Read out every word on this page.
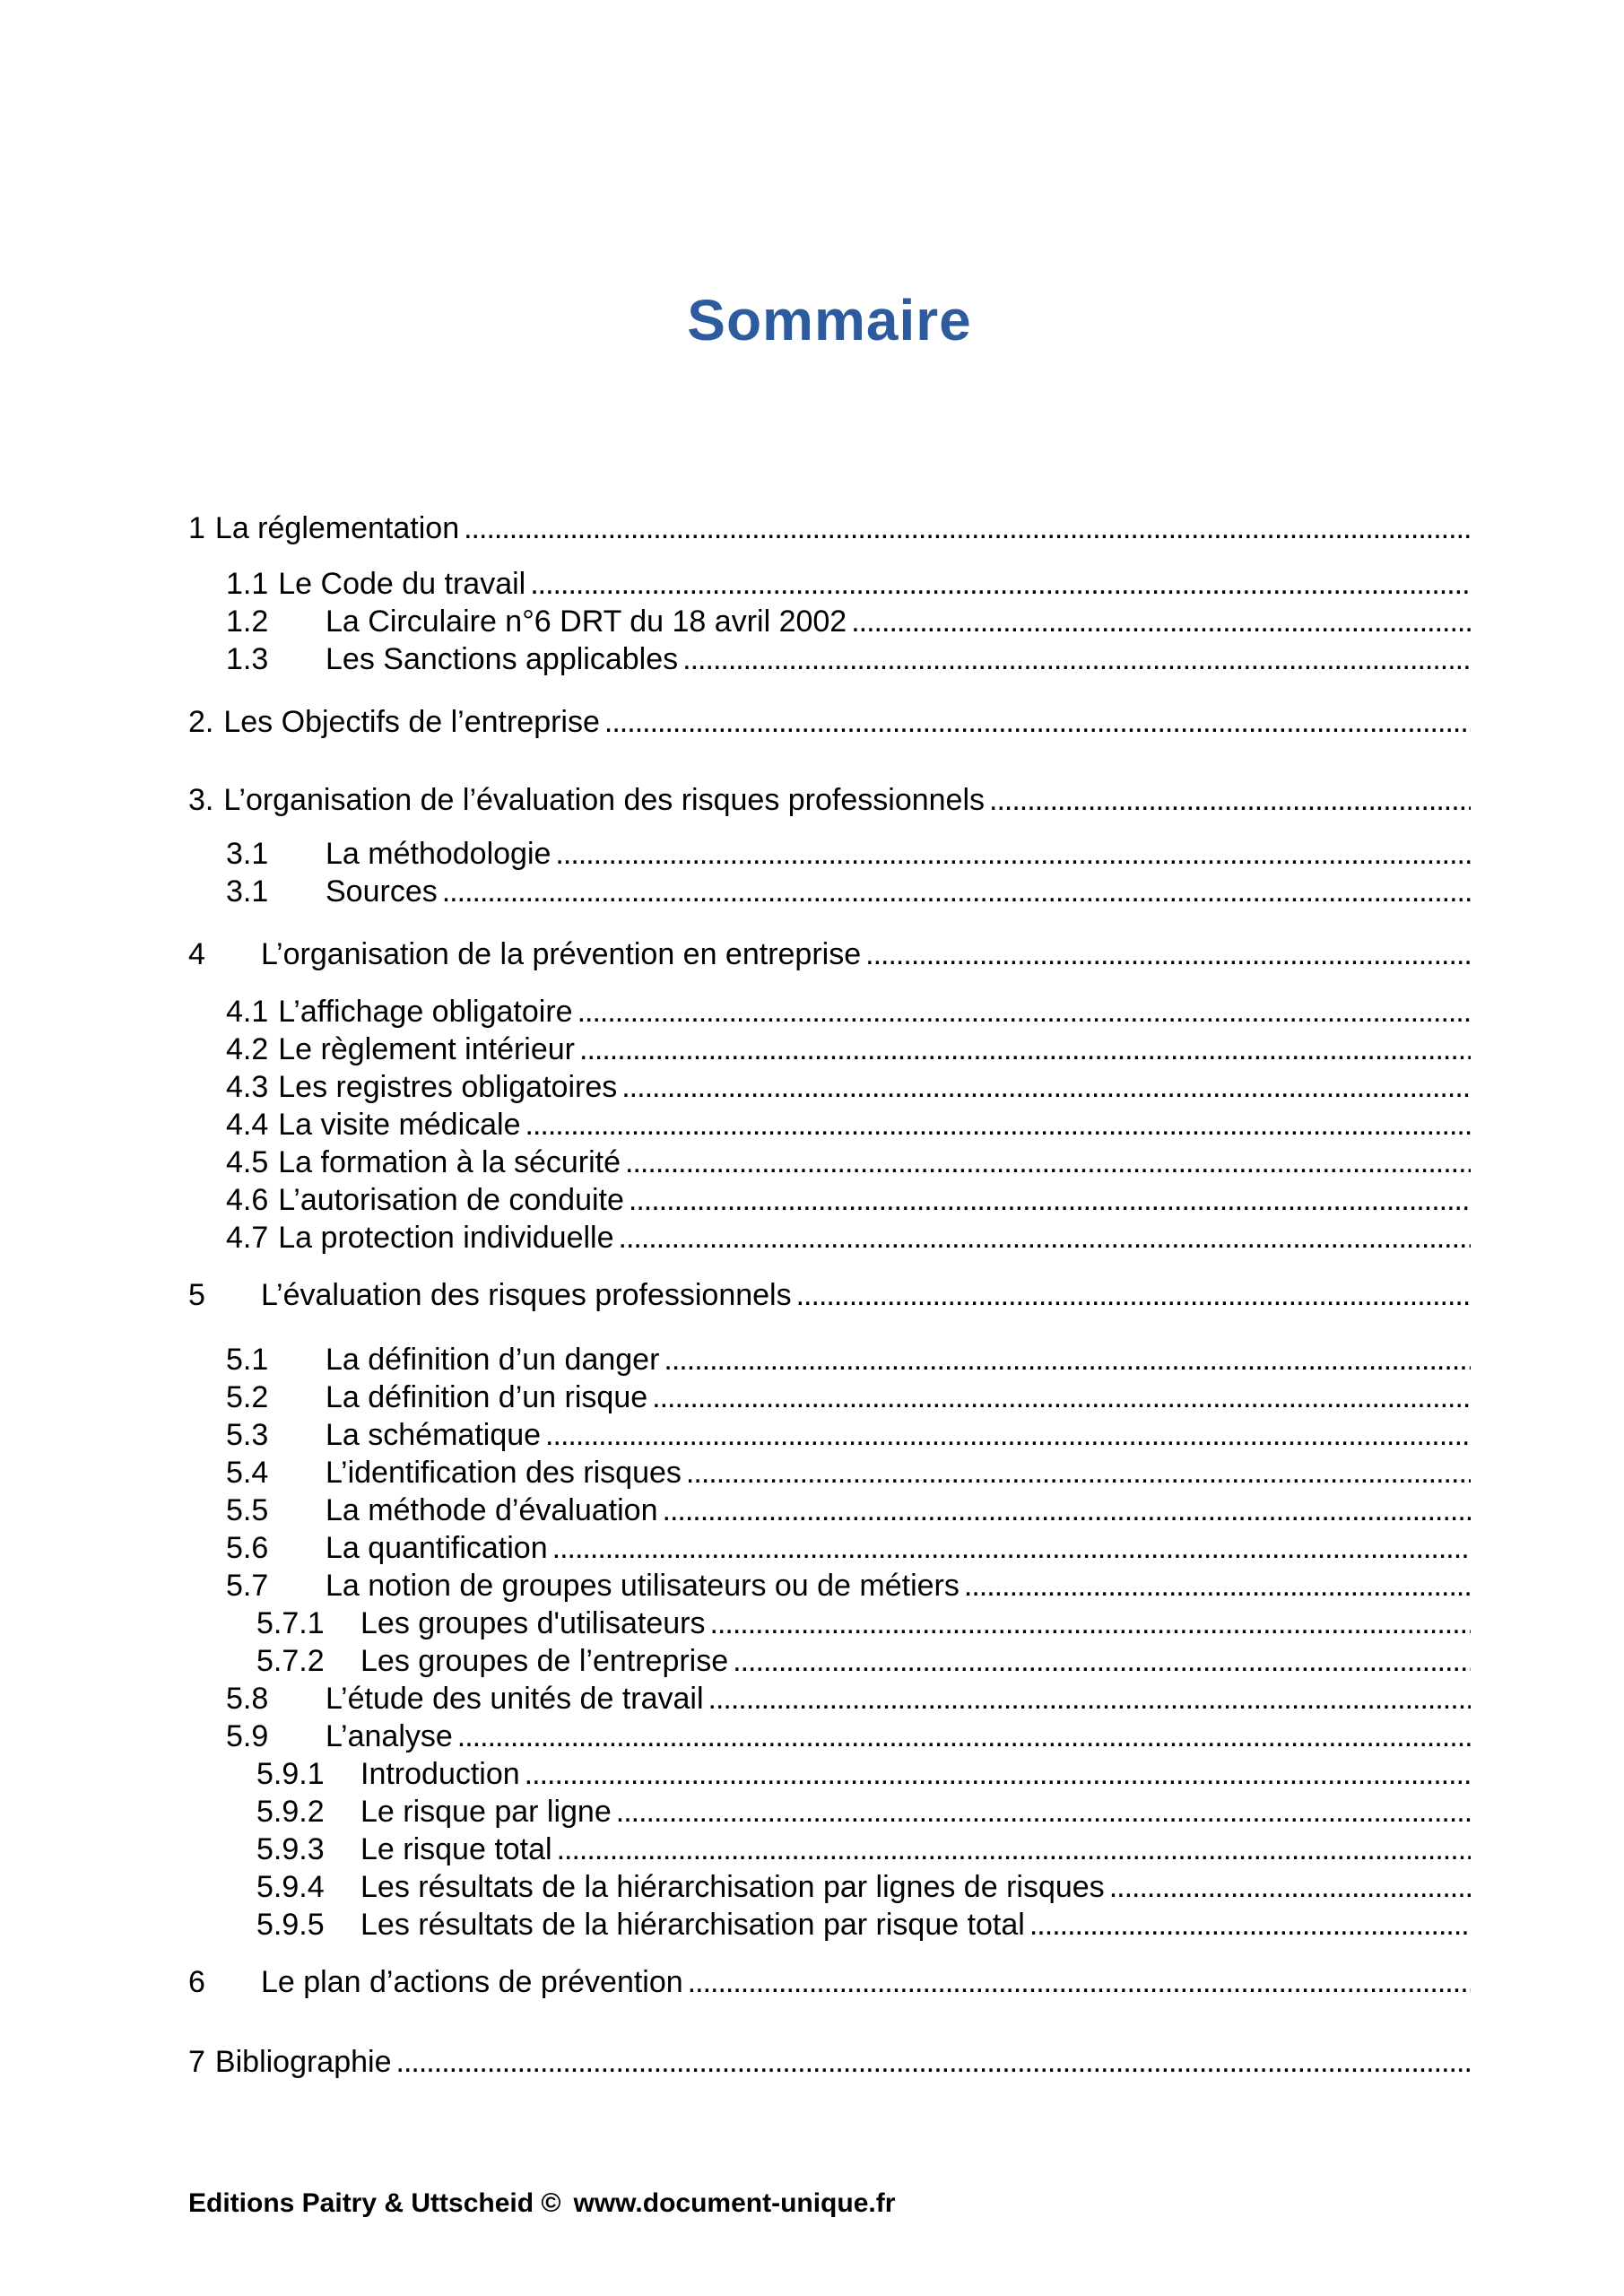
Sommaire
1 La réglementation
.....
1.1 Le Code du travail
.....
1.2	La Circulaire n°6 DRT du 18 avril 2002
.....
1.3	Les Sanctions applicables
.....
2. Les Objectifs de l’entreprise
.....
3. L’organisation de l’évaluation des risques professionnels
.....
3.1	La méthodologie
.....
3.1	Sources
.....
4	L’organisation de la prévention en entreprise
.....
4.1 L’affichage obligatoire
.....
4.2 Le règlement intérieur
.....
4.3 Les registres obligatoires
.....
4.4 La visite médicale
.....
4.5 La formation à la sécurité
.....
4.6 L’autorisation de conduite
.....
4.7 La protection individuelle
.....
5	L’évaluation des risques professionnels
.....
5.1	La définition d’un danger
.....
5.2	La définition d’un risque
.....
5.3	La schématique
.....
5.4	L’identification des risques
.....
5.5	La méthode d’évaluation
.....
5.6	La quantification
.....
5.7	La notion de groupes utilisateurs ou de métiers
.....
5.7.1	Les groupes d'utilisateurs
.....
5.7.2	Les groupes de l’entreprise
.....
5.8	L’étude des unités de travail
.....
5.9	L’analyse
.....
5.9.1	Introduction
.....
5.9.2	Le risque par ligne
.....
5.9.3	Le risque total
.....
5.9.4	Les résultats de la hiérarchisation par lignes de risques
.....
5.9.5	Les résultats de la hiérarchisation par risque total
.....
6	Le plan d’actions de prévention
.....
7 Bibliographie
.....
Editions Paitry & Uttscheid © www.document-unique.fr
